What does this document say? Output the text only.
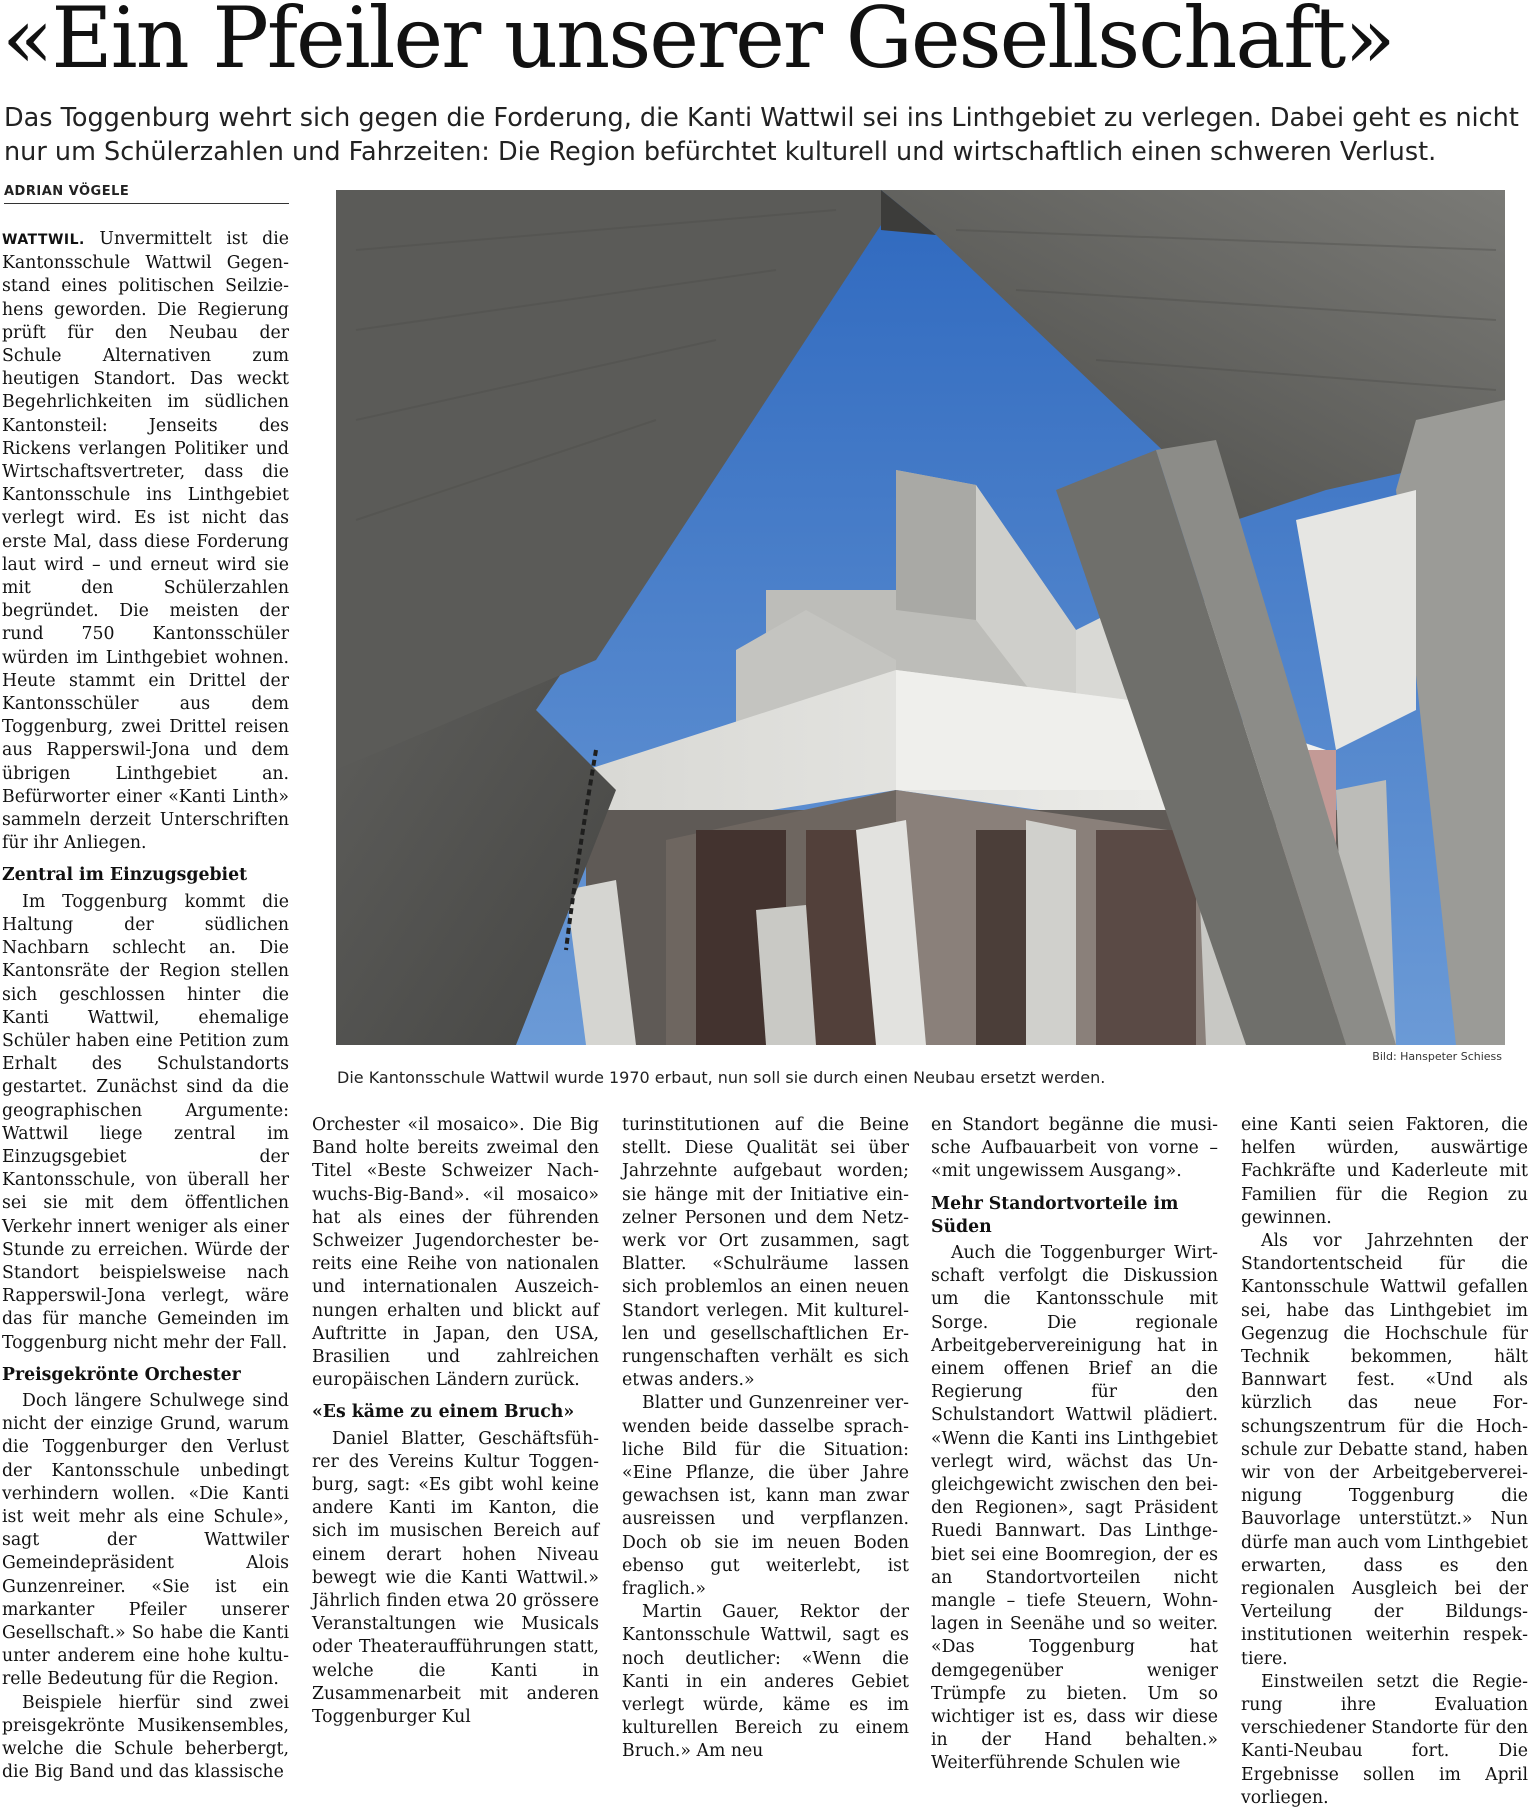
«Ein Pfeiler unserer Gesellschaft»

Das Toggenburg wehrt sich gegen die Forderung, die Kanti Wattwil sei ins Linthgebiet zu verlegen. Dabei geht es nicht nur um Schülerzahlen und Fahrzeiten: Die Region befürchtet kulturell und wirtschaftlich einen schweren Verlust.

ADRIAN VÖGELE
Bild: Hanspeter Schiess

Die Kantonsschule Wattwil wurde 1970 erbaut, nun soll sie durch einen Neubau ersetzt werden.

WATTWIL. Unvermittelt ist die Kantonsschule Wattwil Gegenstand eines politischen Seilziehens geworden. Die Regierung prüft für den Neubau der Schule Alternativen zum heutigen Standort. Das weckt Begehrlichkeiten im südlichen Kantonsteil: Jenseits des Rickens verlangen Politiker und Wirtschaftsvertreter, dass die Kantonsschule ins Linthgebiet verlegt wird. Es ist nicht das erste Mal, dass diese Forderung laut wird – und erneut wird sie mit den Schülerzahlen begründet. Die meisten der rund 750 Kantonsschüler würden im Linthgebiet wohnen. Heute stammt ein Drittel der Kantonsschüler aus dem Toggenburg, zwei Drittel reisen aus Rapperswil-Jona und dem übrigen Linthgebiet an. Befürworter einer «Kanti Linth» sammeln derzeit Unterschriften für ihr Anliegen.

Zentral im Einzugsgebiet

Im Toggenburg kommt die Haltung der südlichen Nachbarn schlecht an. Die Kantonsräte der Region stellen sich geschlossen hinter die Kanti Wattwil, ehemalige Schüler haben eine Petition zum Erhalt des Schulstandorts gestartet. Zunächst sind da die geographischen Argumente: Wattwil liege zentral im Einzugsgebiet der Kantonsschule, von überall her sei sie mit dem öffentlichen Verkehr innert weniger als einer Stunde zu erreichen. Würde der Standort beispielsweise nach Rapperswil-Jona verlegt, wäre das für manche Gemeinden im Toggenburg nicht mehr der Fall.

Preisgekrönte Orchester

Doch längere Schulwege sind nicht der einzige Grund, warum die Toggenburger den Verlust der Kantonsschule unbedingt verhindern wollen. «Die Kanti ist weit mehr als eine Schule», sagt der Wattwiler Gemeindepräsident Alois Gunzenreiner. «Sie ist ein markanter Pfeiler unserer Gesellschaft.» So habe die Kanti unter anderem eine hohe kulturelle Bedeutung für die Region.

Beispiele hierfür sind zwei preisgekrönte Musikensembles, welche die Schule beherbergt, die Big Band und das klassische

Orchester «il mosaico». Die Big Band holte bereits zweimal den Titel «Beste Schweizer Nachwuchs-Big-Band». «il mosaico» hat als eines der führenden Schweizer Jugendorchester bereits eine Reihe von nationalen und internationalen Auszeichnungen erhalten und blickt auf Auftritte in Japan, den USA, Brasilien und zahlreichen europäischen Ländern zurück.

«Es käme zu einem Bruch»

Daniel Blatter, Geschäftsführer des Vereins Kultur Toggenburg, sagt: «Es gibt wohl keine andere Kanti im Kanton, die sich im musischen Bereich auf einem derart hohen Niveau bewegt wie die Kanti Wattwil.» Jährlich finden etwa 20 grössere Veranstaltungen wie Musicals oder Theateraufführungen statt, welche die Kanti in Zusammenarbeit mit anderen Toggenburger Kul

turinstitutionen auf die Beine stellt. Diese Qualität sei über Jahrzehnte aufgebaut worden; sie hänge mit der Initiative einzelner Personen und dem Netzwerk vor Ort zusammen, sagt Blatter. «Schulräume lassen sich problemlos an einen neuen Standort verlegen. Mit kulturellen und gesellschaftlichen Errungenschaften verhält es sich etwas anders.»

Blatter und Gunzenreiner verwenden beide dasselbe sprachliche Bild für die Situation: «Eine Pflanze, die über Jahre gewachsen ist, kann man zwar ausreissen und verpflanzen. Doch ob sie im neuen Boden ebenso gut weiterlebt, ist fraglich.»

Martin Gauer, Rektor der Kantonsschule Wattwil, sagt es noch deutlicher: «Wenn die Kanti in ein anderes Gebiet verlegt würde, käme es im kulturellen Bereich zu einem Bruch.» Am neu

en Standort begänne die musische Aufbauarbeit von vorne – «mit ungewissem Ausgang».

Mehr Standortvorteile im Süden

Auch die Toggenburger Wirtschaft verfolgt die Diskussion um die Kantonsschule mit Sorge. Die regionale Arbeitgebervereinigung hat in einem offenen Brief an die Regierung für den Schulstandort Wattwil plädiert. «Wenn die Kanti ins Linthgebiet verlegt wird, wächst das Ungleichgewicht zwischen den beiden Regionen», sagt Präsident Ruedi Bannwart. Das Linthgebiet sei eine Boomregion, der es an Standortvorteilen nicht mangle – tiefe Steuern, Wohnlagen in Seenähe und so weiter. «Das Toggenburg hat demgegenüber weniger Trümpfe zu bieten. Um so wichtiger ist es, dass wir diese in der Hand behalten.» Weiterführende Schulen wie

eine Kanti seien Faktoren, die helfen würden, auswärtige Fachkräfte und Kaderleute mit Familien für die Region zu gewinnen.

Als vor Jahrzehnten der Standortentscheid für die Kantonsschule Wattwil gefallen sei, habe das Linthgebiet im Gegenzug die Hochschule für Technik bekommen, hält Bannwart fest. «Und als kürzlich das neue Forschungszentrum für die Hochschule zur Debatte stand, haben wir von der Arbeitgebervereinigung Toggenburg die Bauvorlage unterstützt.» Nun dürfe man auch vom Linthgebiet erwarten, dass es den regionalen Ausgleich bei der Verteilung der Bildungsinstitutionen weiterhin respektiere.

Einstweilen setzt die Regierung ihre Evaluation verschiedener Standorte für den Kanti-Neubau fort. Die Ergebnisse sollen im April vorliegen.
